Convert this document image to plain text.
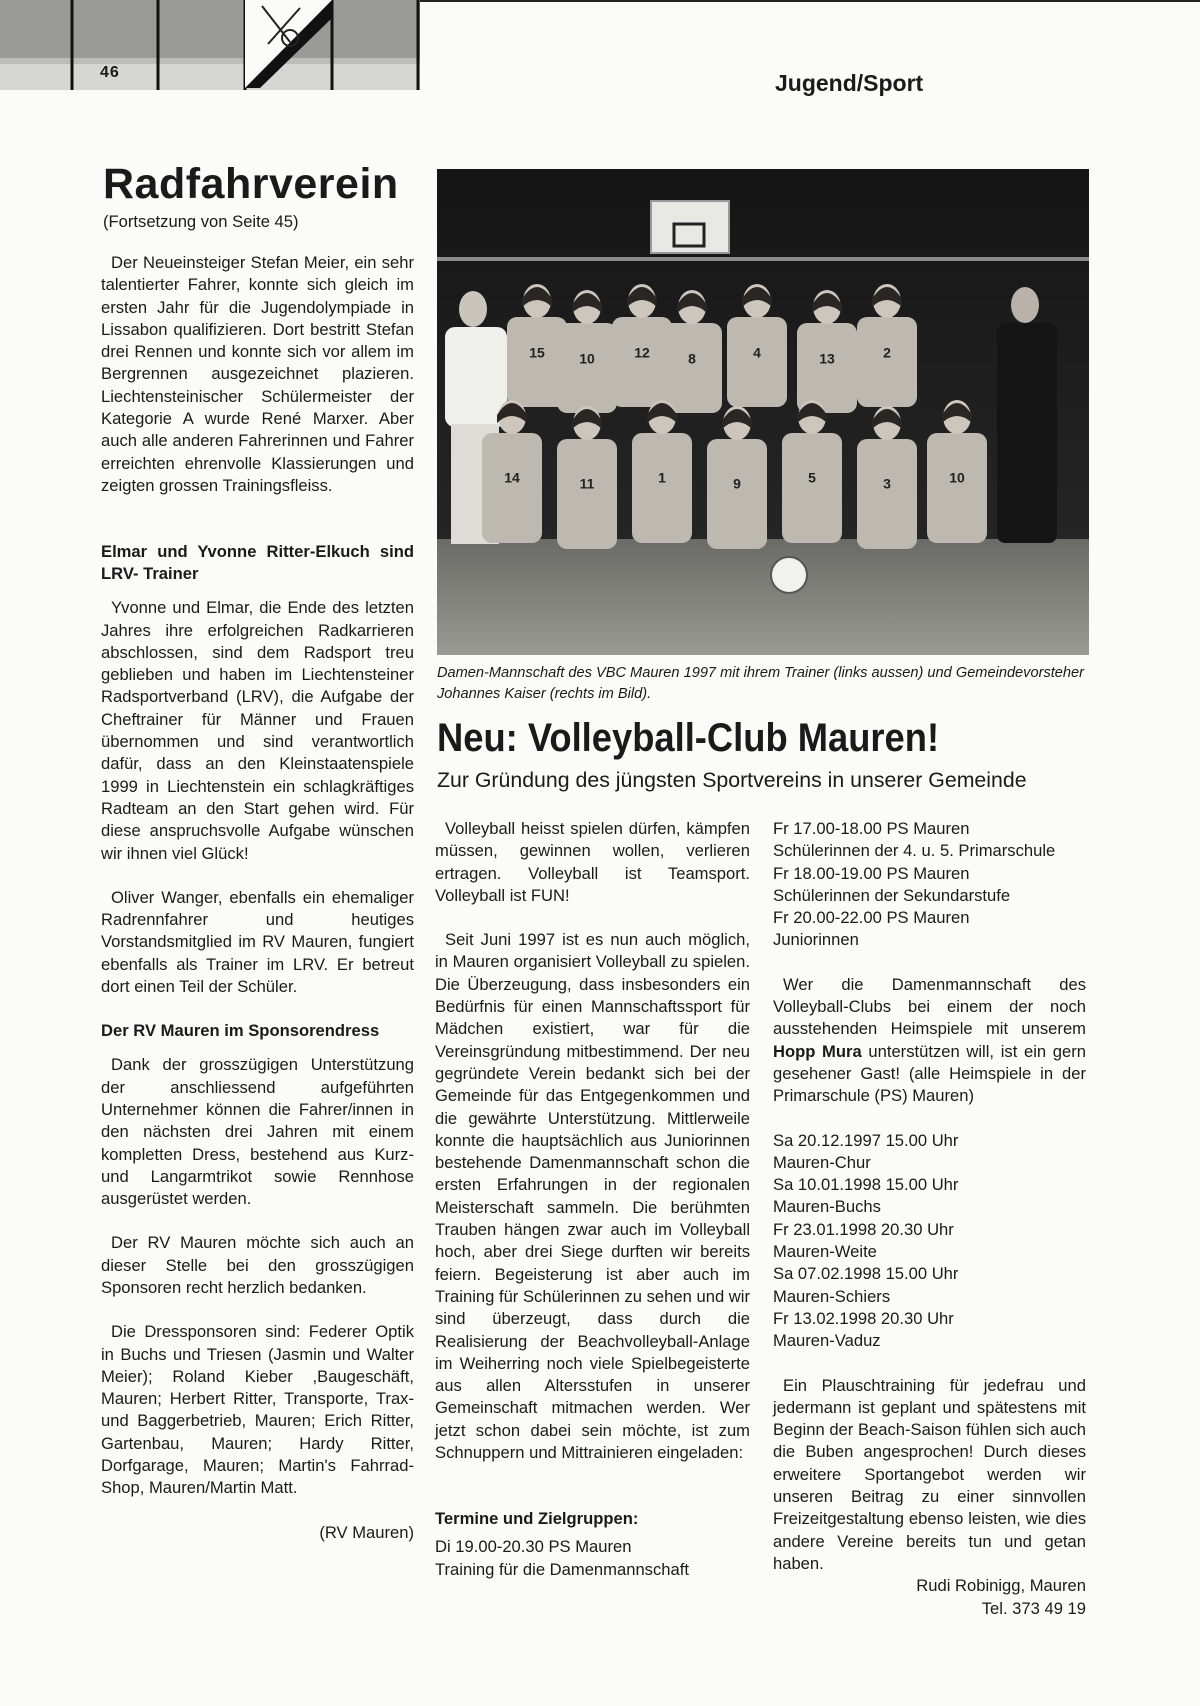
46	Jugend/Sport
Radfahrverein
(Fortsetzung von Seite 45)

Der Neueinsteiger Stefan Meier, ein sehr talentierter Fahrer, konnte sich gleich im ersten Jahr für die Jugendolympiade in Lissabon qualifizieren. Dort bestritt Stefan drei Rennen und konnte sich vor allem im Bergrennen ausgezeichnet plazieren. Liechtensteinischer Schülermeister der Kategorie A wurde René Marxer. Aber auch alle anderen Fahrerinnen und Fahrer erreichten ehrenvolle Klassierungen und zeigten grossen Trainingsfleiss.

Elmar und Yvonne Ritter-Elkuch sind LRV- Trainer

Yvonne und Elmar, die Ende des letzten Jahres ihre erfolgreichen Radkarrieren abschlossen, sind dem Radsport treu geblieben und haben im Liechtensteiner Radsportverband (LRV), die Aufgabe der Cheftrainer für Männer und Frauen übernommen und sind verantwortlich dafür, dass an den Kleinstaatenspiele 1999 in Liechtenstein ein schlagkräftiges Radteam an den Start gehen wird. Für diese anspruchsvolle Aufgabe wünschen wir ihnen viel Glück!

Oliver Wanger, ebenfalls ein ehemaliger Radrennfahrer und heutiges Vorstandsmitglied im RV Mauren, fungiert ebenfalls als Trainer im LRV. Er betreut dort einen Teil der Schüler.

Der RV Mauren im Sponsorendress

Dank der grosszügigen Unterstützung der anschliessend aufgeführten Unternehmer können die Fahrer/innen in den nächsten drei Jahren mit einem kompletten Dress, bestehend aus Kurz- und Langarmtrikot sowie Rennhose ausgerüstet werden.

Der RV Mauren möchte sich auch an dieser Stelle bei den grosszügigen Sponsoren recht herzlich bedanken.

Die Dressponsoren sind: Federer Optik in Buchs und Triesen (Jasmin und Walter Meier); Roland Kieber ,Baugeschäft, Mauren; Herbert Ritter, Transporte, Trax- und Baggerbetrieb, Mauren; Erich Ritter, Gartenbau, Mauren; Hardy Ritter, Dorfgarage, Mauren; Martin's Fahrrad-Shop, Mauren/Martin Matt.

(RV Mauren)
15 10	12	8	4	13	2
14	11	1	9	5	3	10
Damen-Mannschaft des VBC Mauren 1997 mit ihrem Trainer (links aussen) und Gemeindevorsteher Johannes Kaiser (rechts im Bild).
Neu: Volleyball-Club Mauren!
Zur Gründung des jüngsten Sportvereins in unserer Gemeinde

Volleyball heisst spielen dürfen, kämpfen müssen, gewinnen wollen, verlieren ertragen. Volleyball ist Teamsport. Volleyball ist FUN!

Seit Juni 1997 ist es nun auch möglich, in Mauren organisiert Volleyball zu spielen. Die Überzeugung, dass insbesonders ein Bedürfnis für einen Mannschaftssport für Mädchen existiert, war für die Vereinsgründung mitbestimmend. Der neu gegründete Verein bedankt sich bei der Gemeinde für das Entgegenkommen und die gewährte Unterstützung. Mittlerweile konnte die hauptsächlich aus Juniorinnen bestehende Damenmannschaft schon die ersten Erfahrungen in der regionalen Meisterschaft sammeln. Die berühmten Trauben hängen zwar auch im Volleyball hoch, aber drei Siege durften wir bereits feiern. Begeisterung ist aber auch im Training für Schülerinnen zu sehen und wir sind überzeugt, dass durch die Realisierung der Beachvolleyball-Anlage im Weiherring noch viele Spielbegeisterte aus allen Altersstufen in unserer Gemeinschaft mitmachen werden. Wer jetzt schon dabei sein möchte, ist zum Schnuppern und Mittrainieren eingeladen:

Termine und Zielgruppen:
Di 19.00-20.30 PS Mauren
Training für die Damenmannschaft
Fr 17.00-18.00 PS Mauren
Schülerinnen der 4. u. 5. Primarschule
Fr 18.00-19.00 PS Mauren
Schülerinnen der Sekundarstufe
Fr 20.00-22.00 PS Mauren
Juniorinnen

Wer die Damenmannschaft des Volleyball-Clubs bei einem der noch ausstehenden Heimspiele mit unserem Hopp Mura unterstützen will, ist ein gern gesehener Gast! (alle Heimspiele in der Primarschule (PS) Mauren)

Sa 20.12.1997 15.00 Uhr
Mauren-Chur
Sa 10.01.1998 15.00 Uhr
Mauren-Buchs
Fr 23.01.1998 20.30 Uhr
Mauren-Weite
Sa 07.02.1998 15.00 Uhr
Mauren-Schiers
Fr 13.02.1998 20.30 Uhr
Mauren-Vaduz

Ein Plauschtraining für jedefrau und jedermann ist geplant und spätestens mit Beginn der Beach-Saison fühlen sich auch die Buben angesprochen! Durch dieses erweitere Sportangebot werden wir unseren Beitrag zu einer sinnvollen Freizeitgestaltung ebenso leisten, wie dies andere Vereine bereits tun und getan haben.

Rudi Robinigg, Mauren
Tel. 373 49 19
